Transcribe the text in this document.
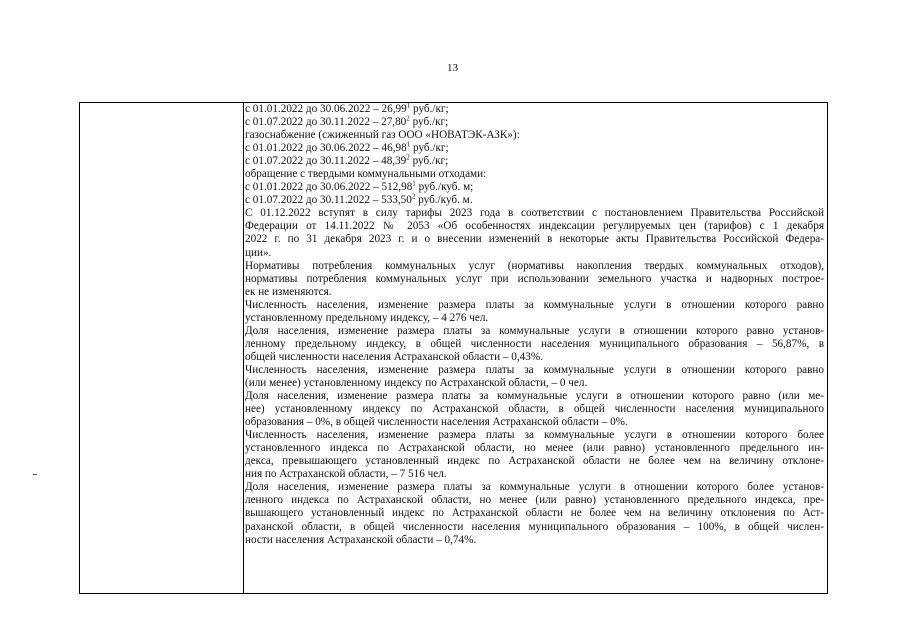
13
с 01.01.2022 до 30.06.2022 – 26,99$^1$ руб./кг;
с 01.07.2022 до 30.11.2022 – 27,80$^2$ руб./кг;
газоснабжение (сжиженный газ ООО «НОВАТЭК-АЗК»):
с 01.01.2022 до 30.06.2022 – 46,98$^1$ руб./кг;
с 01.07.2022 до 30.11.2022 – 48,39$^2$ руб./кг;
обращение с твердыми коммунальными отходами:
с 01.01.2022 до 30.06.2022 – 512,98$^1$ руб./куб. м;
с 01.07.2022 до 30.11.2022 – 533,50$^2$ руб./куб. м.
С 01.12.2022 вступят в силу тарифы 2023 года в соответствии с постановлением Правительства Российской
Федерации от 14.11.2022 № 2053 «Об особенностях индексации регулируемых цен (тарифов) с 1 декабря
2022 г. по 31 декабря 2023 г. и о внесении изменений в некоторые акты Правительства Российской Федера-
ции».
Нормативы потребления коммунальных услуг (нормативы накопления твердых коммунальных отходов),
нормативы потребления коммунальных услуг при использовании земельного участка и надворных построе-
ек не изменяются.
Численность населения, изменение размера платы за коммунальные услуги в отношении которого равно
установленному предельному индексу, – 4 276 чел.
Доля населения, изменение размера платы за коммунальные услуги в отношении которого равно установ-
ленному предельному индексу, в общей численности населения муниципального образования – 56,87%, в
общей численности населения Астраханской области – 0,43%.
Численность населения, изменение размера платы за коммунальные услуги в отношении которого равно
(или менее) установленному индексу по Астраханской области, – 0 чел.
Доля населения, изменение размера платы за коммунальные услуги в отношении которого равно (или ме-
нее) установленному индексу по Астраханской области, в общей численности населения муниципального
образования – 0%, в общей численности населения Астраханской области – 0%.
Численность населения, изменение размера платы за коммунальные услуги в отношении которого более
установленного индекса по Астраханской области, но менее (или равно) установленного предельного ин-
декса, превышающего установленный индекс по Астраханской области не более чем на величину отклоне-
ния по Астраханской области, – 7 516 чел.
Доля населения, изменение размера платы за коммунальные услуги в отношении которого более установ-
ленного индекса по Астраханской области, но менее (или равно) установленного предельного индекса, пре-
вышающего установленный индекс по Астраханской области не более чем на величину отклонения по Аст-
раханской области, в общей численности населения муниципального образования – 100%, в общей числен-
ности населения Астраханской области – 0,74%.
